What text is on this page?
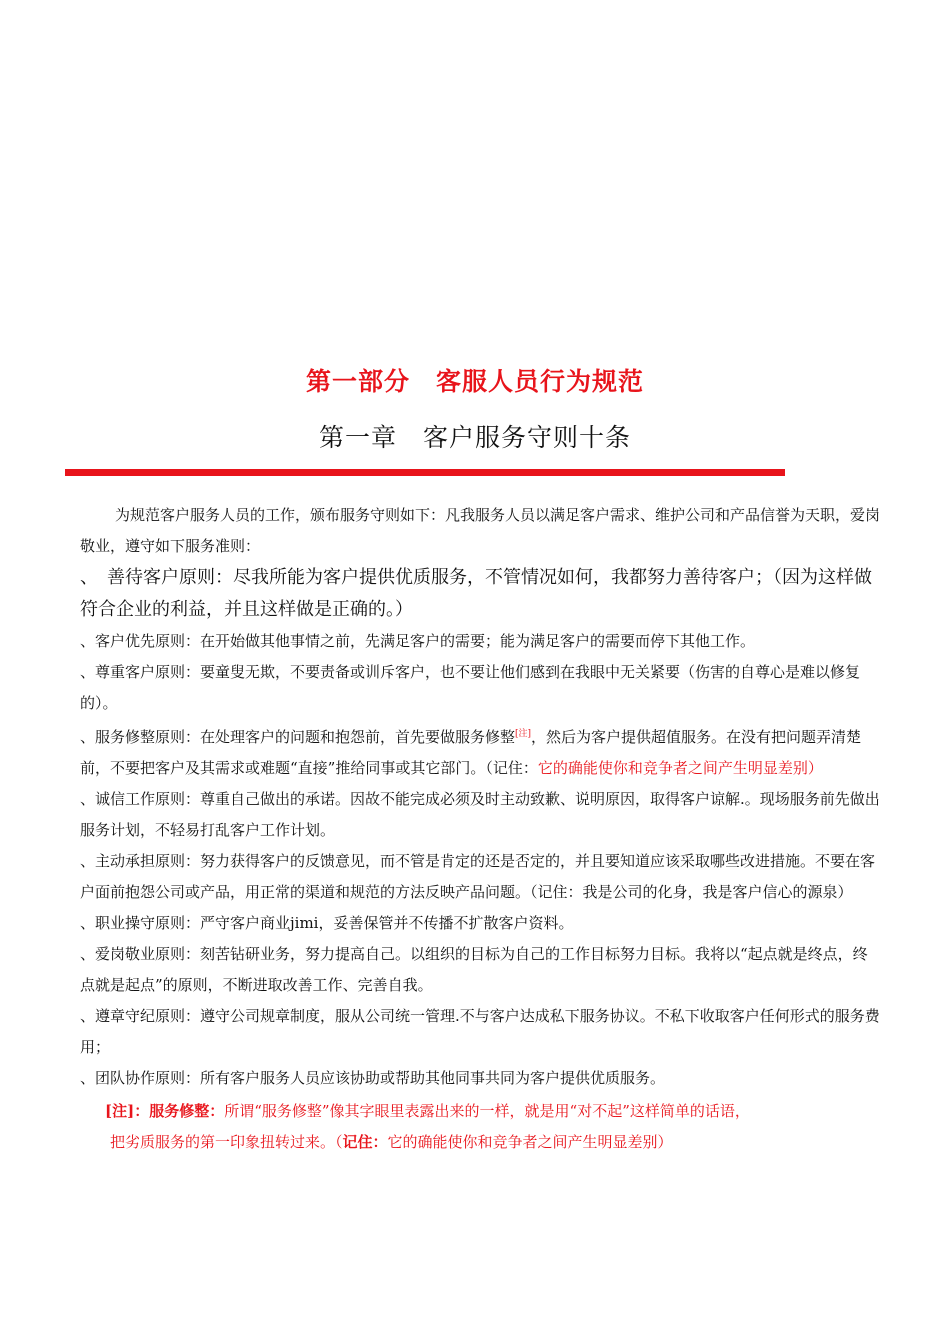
第一部分　客服人员行为规范
第一章　客户服务守则十条

为规范客户服务人员的工作，颁布服务守则如下：凡我服务人员以满足客户需求、维护公司和产品信誉为天职，爱岗敬业，遵守如下服务准则：

、　善待客户原则：尽我所能为客户提供优质服务，不管情况如何，我都努力善待客户；（因为这样做符合企业的利益，并且这样做是正确的。）

、客户优先原则：在开始做其他事情之前，先满足客户的需要；能为满足客户的需要而停下其他工作。

、尊重客户原则：要童叟无欺，不要责备或训斥客户，也不要让他们感到在我眼中无关紧要（伤害的自尊心是难以修复的）。

、服务修整原则：在处理客户的问题和抱怨前，首先要做服务修整[注]，然后为客户提供超值服务。在没有把问题弄清楚前，不要把客户及其需求或难题“直接”推给同事或其它部门。（记住：它的确能使你和竞争者之间产生明显差别）

、诚信工作原则：尊重自己做出的承诺。因故不能完成必须及时主动致歉、说明原因，取得客户谅解.。现场服务前先做出服务计划，不轻易打乱客户工作计划。

、主动承担原则：努力获得客户的反馈意见，而不管是肯定的还是否定的，并且要知道应该采取哪些改进措施。不要在客户面前抱怨公司或产品，用正常的渠道和规范的方法反映产品问题。（记住：我是公司的化身，我是客户信心的源泉）

、职业操守原则：严守客户商业jimi，妥善保管并不传播不扩散客户资料。

、爱岗敬业原则：刻苦钻研业务，努力提高自己。以组织的目标为自己的工作目标努力目标。我将以“起点就是终点，终点就是起点”的原则，不断进取改善工作、完善自我。

、遵章守纪原则：遵守公司规章制度，服从公司统一管理.不与客户达成私下服务协议。不私下收取客户任何形式的服务费用；

、团队协作原则：所有客户服务人员应该协助或帮助其他同事共同为客户提供优质服务。

[注]：服务修整：所谓“服务修整”像其字眼里表露出来的一样，就是用“对不起”这样简单的话语，
把劣质服务的第一印象扭转过来。（记住：它的确能使你和竞争者之间产生明显差别）
